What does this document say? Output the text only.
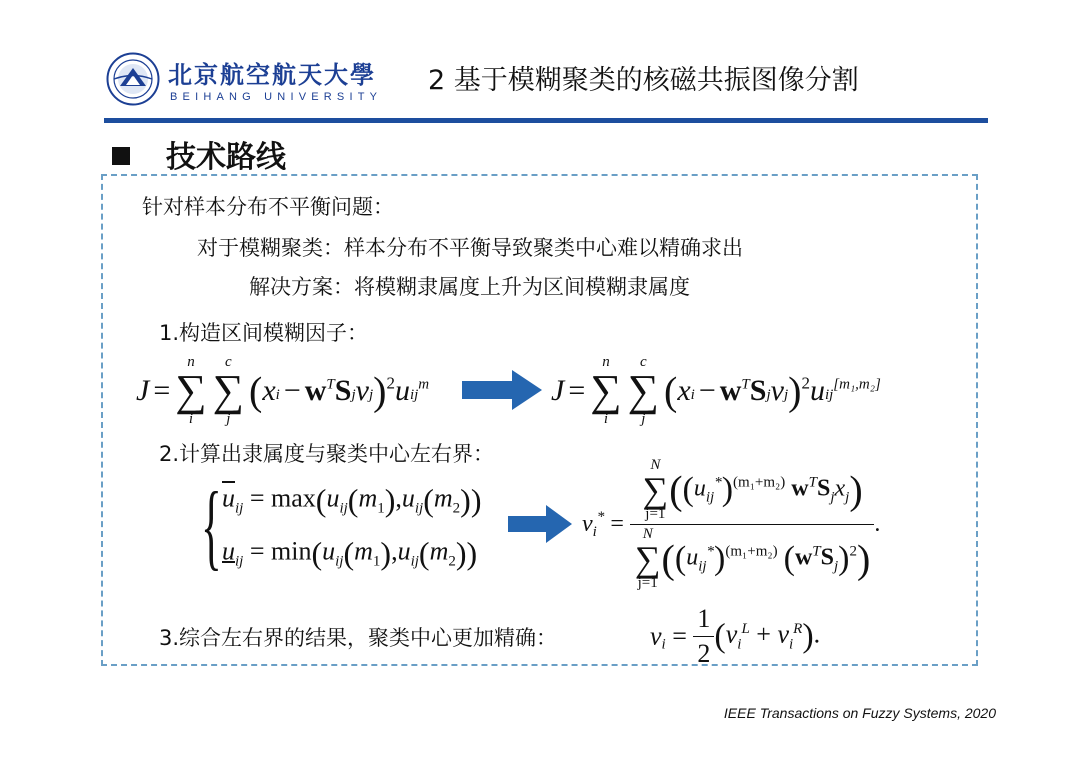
北京航空航天大學
BEIHANG UNIVERSITY
2 基于模糊聚类的核磁共振图像分割
技术路线
针对样本分布不平衡问题：
对于模糊聚类：样本分布不平衡导致聚类中心难以精确求出
解决方案：将模糊隶属度上升为区间模糊隶属度
1.构造区间模糊因子：
J =
n
∑
i

c
∑
j
$(x_i - w^TS_jv_j)^2u_{ij}^m$	J =
n
∑
i

c
∑
j
$(x_i - w^TS_jv_j)^2u_{ij}[m_1,m_2]$
2.计算出隶属度与聚类中心左右界：
{ $\overline{u}_{ij} = \max(u_{ij}(m_1),u_{ij}(m_2))$
$u_{ij} = \min(u_{ij}(m_1),u_{ij}(m_2))$
$v_i^* = N$
∑
j=1
($(u_{ij}^*)^{(m_1+m_2)}$ $w^TS_jx_j$)
N
∑
j=1
($(u_{ij}^*)^{(m_1+m_2)}$ $(w^TS_j)^2$) .
3.综合左右界的结果，聚类中心更加精确：	$v_i = \frac{1}{2} (v_i^L + v_i^R)$.
IEEE Transactions on Fuzzy Systems, 2020
